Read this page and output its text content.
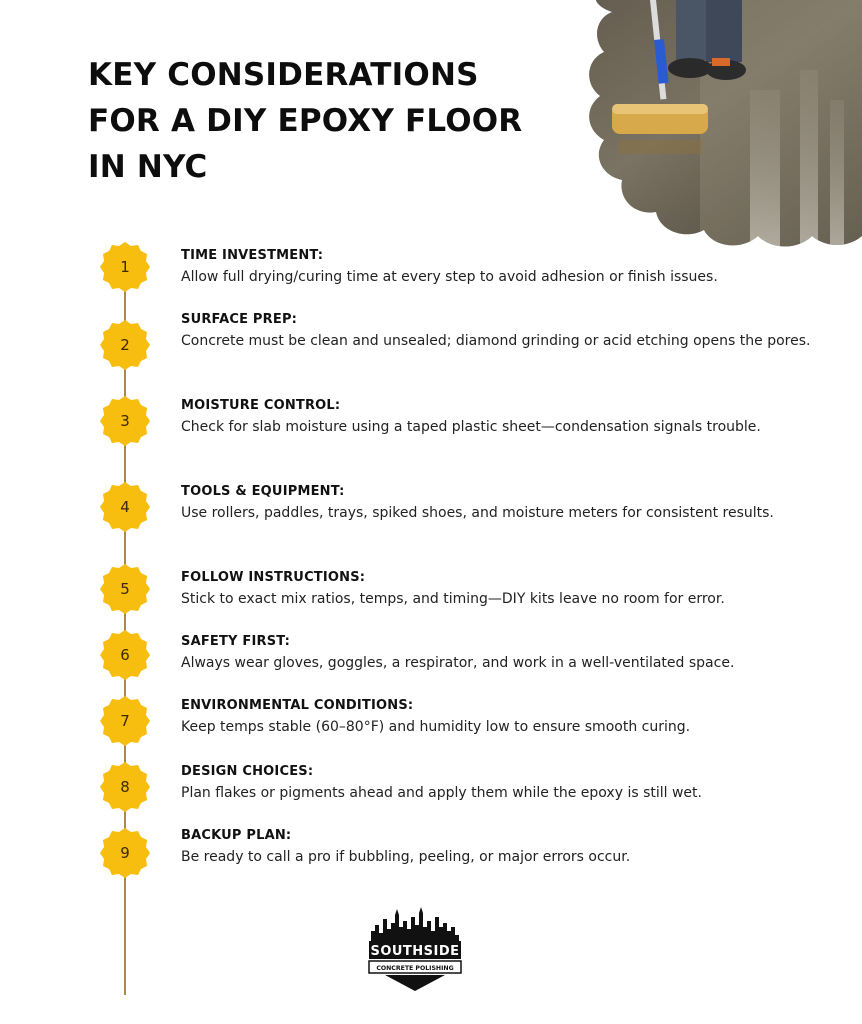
KEY CONSIDERATIONS
FOR A DIY EPOXY FLOOR
IN NYC
1
TIME INVESTMENT:
Allow full drying/curing time at every step to avoid adhesion or finish issues.
2
SURFACE PREP:
Concrete must be clean and unsealed; diamond grinding or acid etching opens the pores.
3
MOISTURE CONTROL:
Check for slab moisture using a taped plastic sheet—condensation signals trouble.
4
TOOLS & EQUIPMENT:
Use rollers, paddles, trays, spiked shoes, and moisture meters for consistent results.
5
FOLLOW INSTRUCTIONS:
Stick to exact mix ratios, temps, and timing—DIY kits leave no room for error.
6
SAFETY FIRST:
Always wear gloves, goggles, a respirator, and work in a well-ventilated space.
7
ENVIRONMENTAL CONDITIONS:
Keep temps stable (60–80°F) and humidity low to ensure smooth curing.
8
DESIGN CHOICES:
Plan flakes or pigments ahead and apply them while the epoxy is still wet.
9
BACKUP PLAN:
Be ready to call a pro if bubbling, peeling, or major errors occur.
SOUTHSIDE
CONCRETE POLISHING
